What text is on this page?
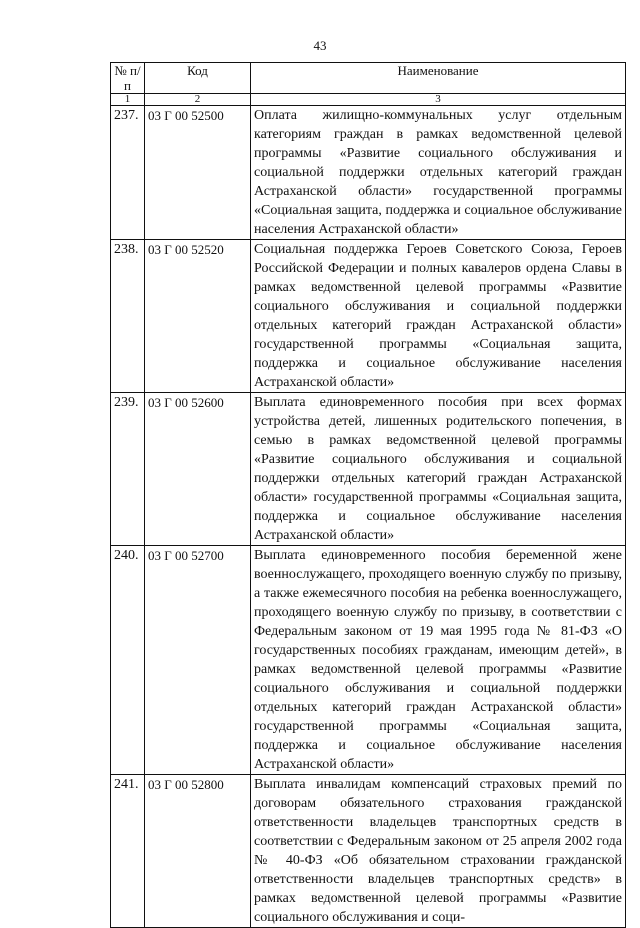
43
№ п/п	Код	Наименование
1	2	3
237.	03 Г 00 52500	Оплата жилищно-коммунальных услуг отдельным категориям граждан в рамках ведомственной целевой программы «Развитие социального обслуживания и социальной поддержки отдельных категорий граждан Астраханской области» государственной программы «Социальная защита, поддержка и социальное обслуживание населения Астраханской области»
238.	03 Г 00 52520	Социальная поддержка Героев Советского Союза, Героев Российской Федерации и полных кавалеров ордена Славы в рамках ведомственной целевой программы «Развитие социального обслуживания и социальной поддержки отдельных категорий граждан Астраханской области» государственной программы «Социальная защита, поддержка и социальное обслуживание населения Астраханской области»
239.	03 Г 00 52600	Выплата единовременного пособия при всех формах устройства детей, лишенных родительского попечения, в семью в рамках ведомственной целевой программы «Развитие социального обслуживания и социальной поддержки отдельных категорий граждан Астраханской области» государственной программы «Социальная защита, поддержка и социальное обслуживание населения Астраханской области»
240.	03 Г 00 52700	Выплата единовременного пособия беременной жене военнослужащего, проходящего военную службу по призыву, а также ежемесячного пособия на ребенка военнослужащего, проходящего военную службу по призыву, в соответствии с Федеральным законом от 19 мая 1995 года № 81-ФЗ «О государственных пособиях гражданам, имеющим детей», в рамках ведомственной целевой программы «Развитие социального обслуживания и социальной поддержки отдельных категорий граждан Астраханской области» государственной программы «Социальная защита, поддержка и социальное обслуживание населения Астраханской области»
241.	03 Г 00 52800	Выплата инвалидам компенсаций страховых премий по договорам обязательного страхования гражданской ответственности владельцев транспортных средств в соответствии с Федеральным законом от 25 апреля 2002 года № 40-ФЗ «Об обязательном страховании гражданской ответственности владельцев транспортных средств» в рамках ведомственной целевой программы «Развитие социального обслуживания и соци-
